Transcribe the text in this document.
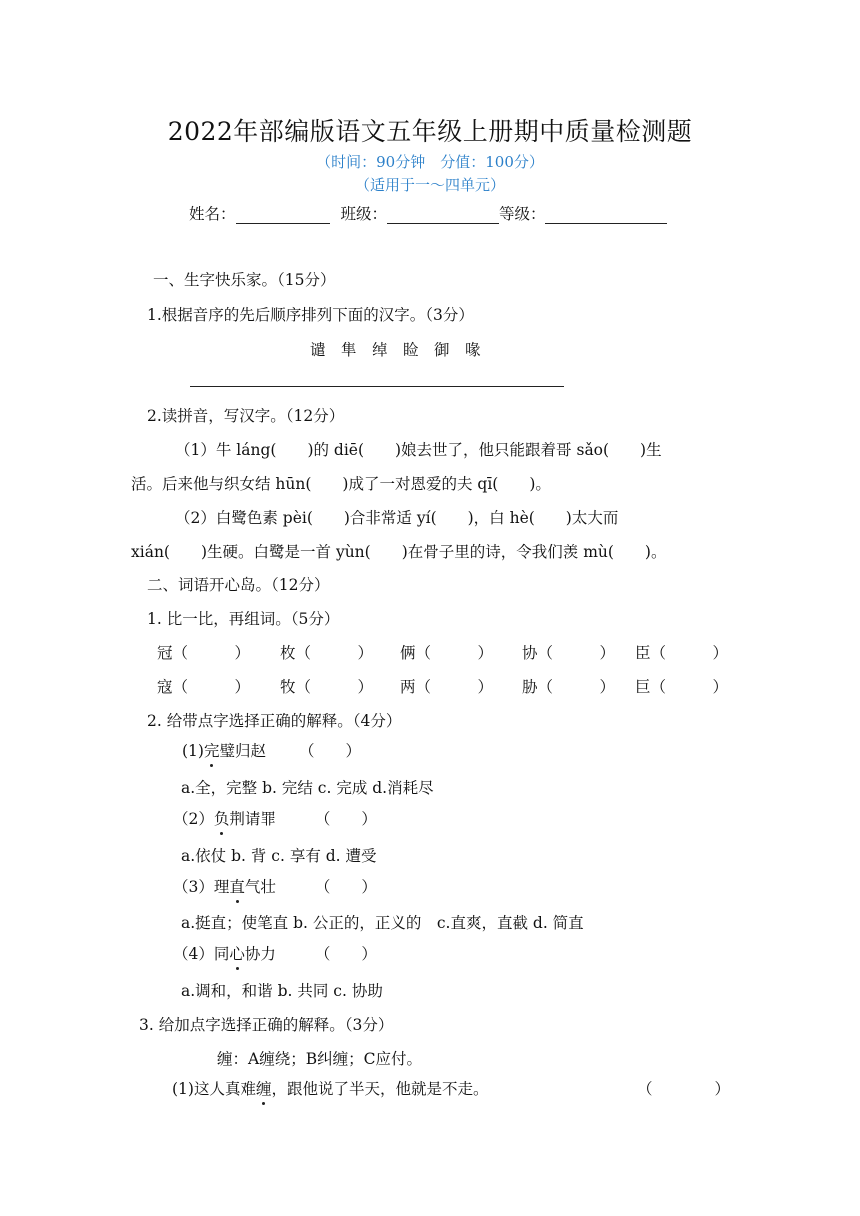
2022年部编版语文五年级上册期中质量检测题
（时间：90分钟　分值：100分）
（适用于一～四单元）
姓名：	班级：	等级：
一、生字快乐家。（15分）
1.根据音序的先后顺序排列下面的汉字。（3分）
谴　隼　绰　睑　御　喙
2.读拼音，写汉字。（12分）
（1）牛 láng(　　)的 diē(　　)娘去世了，他只能跟着哥 sǎo(　　)生
活。后来他与织女结 hūn(　　)成了一对恩爱的夫 qī(　　)。
（2）白鹭色素 pèi(　　)合非常适 yí(　　)，白 hè(　　)太大而
xián(　　)生硬。白鹭是一首 yùn(　　)在骨子里的诗，令我们羡 mù(　　)。
二、词语开心岛。（12分）
1. 比一比，再组词。（5分）
冠（　　　） 枚（　　　） 俩（　　　） 协（　　　） 臣（　　　）
寇（　　　） 牧（　　　） 两（　　　） 胁（　　　） 巨（　　　）
2. 给带点字选择正确的解释。（4分）
(1)完璧归赵 （　　）
a.全，完整 b. 完结 c. 完成 d.消耗尽
（2）负荆请罪	（　　）
a.依仗 b. 背 c. 享有 d. 遭受
（3）理直气壮	（　　）
a.挺直；使笔直 b. 公正的，正义的　c.直爽，直截 d. 简直
（4）同心协力	（　　）
a.调和，和谐 b. 共同 c. 协助
3. 给加点字选择正确的解释。（3分）
缠：A缠绕；B纠缠；C应付。
(1)这人真难缠，跟他说了半天，他就是不走。	（　　　　）
